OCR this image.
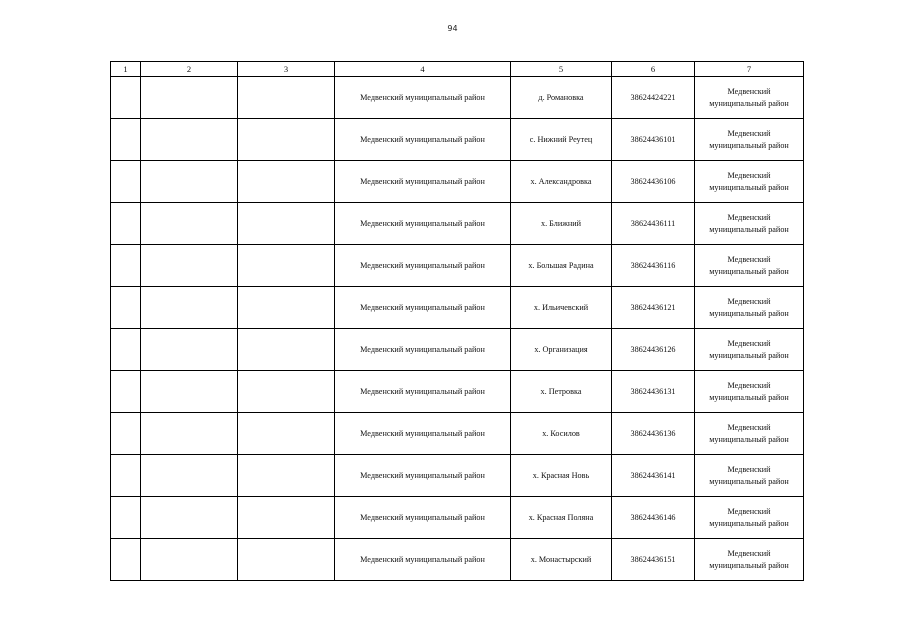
94
1	2	3	4	5	6	7
			Медвенский муниципальный район	д. Романовка	38624424221	Медвенский
муниципальный район

			Медвенский муниципальный район	с. Нижний Реутец	38624436101	Медвенский
муниципальный район

			Медвенский муниципальный район	х. Александровка	38624436106	Медвенский
муниципальный район

			Медвенский муниципальный район	х. Ближний	38624436111	Медвенский
муниципальный район

			Медвенский муниципальный район	х. Большая Радина	38624436116	Медвенский
муниципальный район

			Медвенский муниципальный район	х. Ильичевский	38624436121	Медвенский
муниципальный район

			Медвенский муниципальный район	х. Организация	38624436126	Медвенский
муниципальный район

			Медвенский муниципальный район	х. Петровка	38624436131	Медвенский
муниципальный район

			Медвенский муниципальный район	х. Косилов	38624436136	Медвенский
муниципальный район

			Медвенский муниципальный район	х. Красная Новь	38624436141	Медвенский
муниципальный район

			Медвенский муниципальный район	х. Красная Поляна	38624436146	Медвенский
муниципальный район

			Медвенский муниципальный район	х. Монастырский	38624436151	Медвенский
муниципальный район
